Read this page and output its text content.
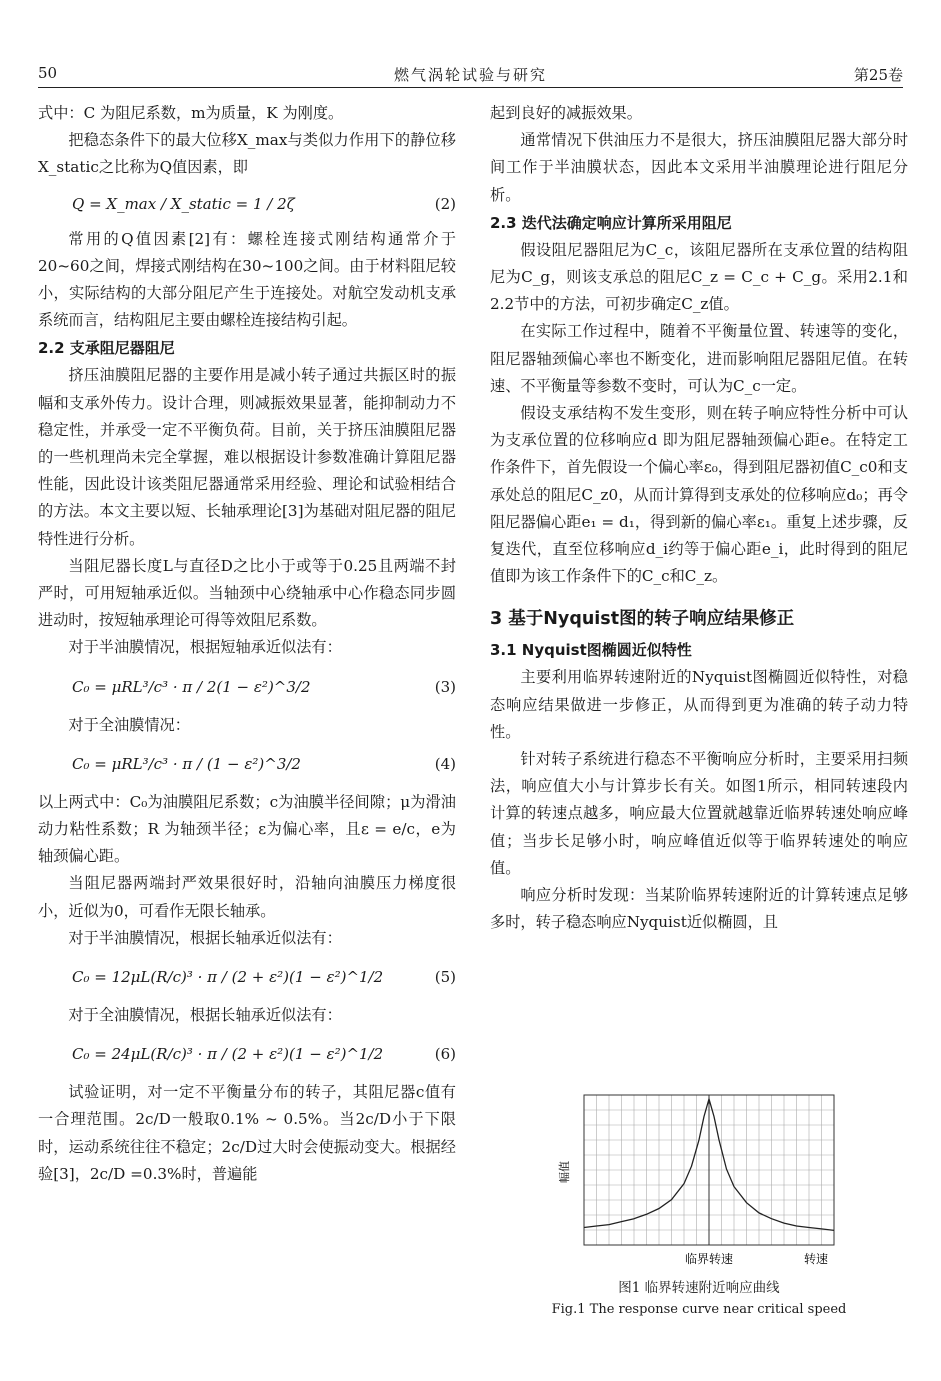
50	燃气涡轮试验与研究	第25卷

式中：C 为阻尼系数，m为质量，K 为刚度。

把稳态条件下的最大位移X_max与类似力作用下的静位移X_static之比称为Q值因素，即

Q = X_max / X_static = 1 / 2ζ	(2)

常用的Q值因素[2]有：螺栓连接式刚结构通常介于20~60之间，焊接式刚结构在30~100之间。由于材料阻尼较小，实际结构的大部分阻尼产生于连接处。对航空发动机支承系统而言，结构阻尼主要由螺栓连接结构引起。

2.2 支承阻尼器阻尼

挤压油膜阻尼器的主要作用是减小转子通过共振区时的振幅和支承外传力。设计合理，则减振效果显著，能抑制动力不稳定性，并承受一定不平衡负荷。目前，关于挤压油膜阻尼器的一些机理尚未完全掌握，难以根据设计参数准确计算阻尼器性能，因此设计该类阻尼器通常采用经验、理论和试验相结合的方法。本文主要以短、长轴承理论[3]为基础对阻尼器的阻尼特性进行分析。

当阻尼器长度L与直径D之比小于或等于0.25且两端不封严时，可用短轴承近似。当轴颈中心绕轴承中心作稳态同步圆进动时，按短轴承理论可得等效阻尼系数。

对于半油膜情况，根据短轴承近似法有：

C₀ = μRL³/c³ · π / 2(1 − ε²)^3/2	(3)

对于全油膜情况：

C₀ = μRL³/c³ · π / (1 − ε²)^3/2	(4)

以上两式中：C₀为油膜阻尼系数；c为油膜半径间隙；μ为滑油动力粘性系数；R 为轴颈半径；ε为偏心率，且ε = e/c，e为轴颈偏心距。

当阻尼器两端封严效果很好时，沿轴向油膜压力梯度很小，近似为0，可看作无限长轴承。

对于半油膜情况，根据长轴承近似法有：

C₀ = 12μL(R/c)³ · π / (2 + ε²)(1 − ε²)^1/2	(5)

对于全油膜情况，根据长轴承近似法有：

C₀ = 24μL(R/c)³ · π / (2 + ε²)(1 − ε²)^1/2	(6)

试验证明，对一定不平衡量分布的转子，其阻尼器c值有一合理范围。2c/D一般取0.1% ~ 0.5%。当2c/D小于下限时，运动系统往往不稳定；2c/D过大时会使振动变大。根据经验[3]，2c/D =0.3%时，普遍能

起到良好的减振效果。

通常情况下供油压力不是很大，挤压油膜阻尼器大部分时间工作于半油膜状态，因此本文采用半油膜理论进行阻尼分析。

2.3 迭代法确定响应计算所采用阻尼

假设阻尼器阻尼为C_c，该阻尼器所在支承位置的结构阻尼为C_g，则该支承总的阻尼C_z = C_c + C_g。采用2.1和2.2节中的方法，可初步确定C_z值。

在实际工作过程中，随着不平衡量位置、转速等的变化，阻尼器轴颈偏心率也不断变化，进而影响阻尼器阻尼值。在转速、不平衡量等参数不变时，可认为C_c一定。

假设支承结构不发生变形，则在转子响应特性分析中可认为支承位置的位移响应d 即为阻尼器轴颈偏心距e。在特定工作条件下，首先假设一个偏心率ε₀，得到阻尼器初值C_c0和支承处总的阻尼C_z0，从而计算得到支承处的位移响应d₀；再令阻尼器偏心距e₁ = d₁，得到新的偏心率ε₁。重复上述步骤，反复迭代，直至位移响应d_i约等于偏心距e_i，此时得到的阻尼值即为该工作条件下的C_c和C_z。

3 基于Nyquist图的转子响应结果修正
3.1 Nyquist图椭圆近似特性

主要利用临界转速附近的Nyquist图椭圆近似特性，对稳态响应结果做进一步修正，从而得到更为准确的转子动力特性。

针对转子系统进行稳态不平衡响应分析时，主要采用扫频法，响应值大小与计算步长有关。如图1所示，相同转速段内计算的转速点越多，响应最大位置就越靠近临界转速处响应峰值；当步长足够小时，响应峰值近似等于临界转速处的响应值。

响应分析时发现：当某阶临界转速附近的计算转速点足够多时，转子稳态响应Nyquist近似椭圆，且

幅值
临界转速	转速
图1 临界转速附近响应曲线
Fig.1 The response curve near critical speed
